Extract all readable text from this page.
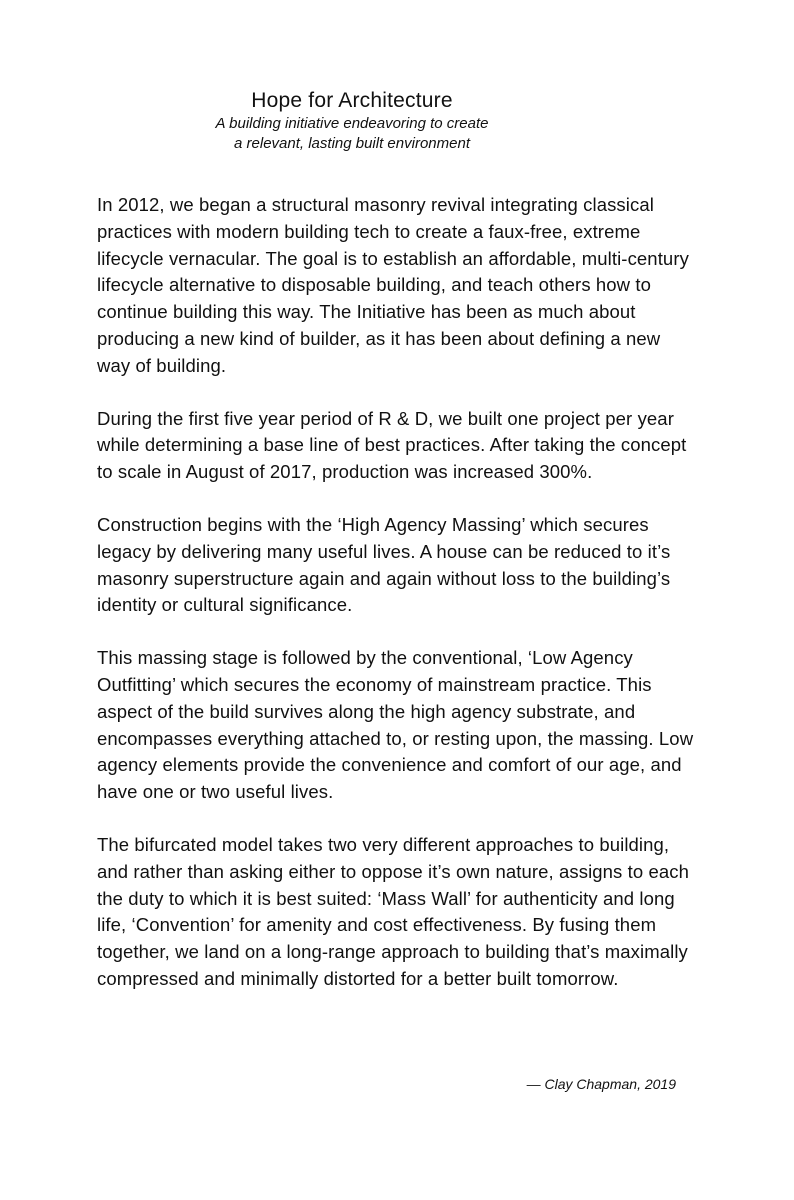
Hope for Architecture

A building initiative endeavoring to create

a relevant, lasting built environment

In 2012, we began a structural masonry revival integrating classical practices with modern building tech to create a faux-free, extreme lifecycle vernacular. The goal is to establish an affordable, multi-century lifecycle alternative to disposable building, and teach others how to continue building this way. The Initiative has been as much about producing a new kind of builder, as it has been about defining a new way of building.

During the first five year period of R & D, we built one project per year while determining a base line of best practices. After taking the concept to scale in August of 2017, production was increased 300%.

Construction begins with the ‘High Agency Massing’ which secures legacy by delivering many useful lives. A house can be reduced to it’s masonry superstructure again and again without loss to the building’s identity or cultural significance.

This massing stage is followed by the conventional, ‘Low Agency Outfitting’ which secures the economy of mainstream practice. This aspect of the build survives along the high agency substrate, and encompasses everything attached to, or resting upon, the massing. Low agency elements provide the convenience and comfort of our age, and have one or two useful lives.

The bifurcated model takes two very different approaches to building, and rather than asking either to oppose it’s own nature, assigns to each the duty to which it is best suited: ‘Mass Wall’ for authenticity and long life, ‘Convention’ for amenity and cost effectiveness. By fusing them together, we land on a long-range approach to building that’s maximally compressed and minimally distorted for a better built tomorrow.

— Clay Chapman, 2019
